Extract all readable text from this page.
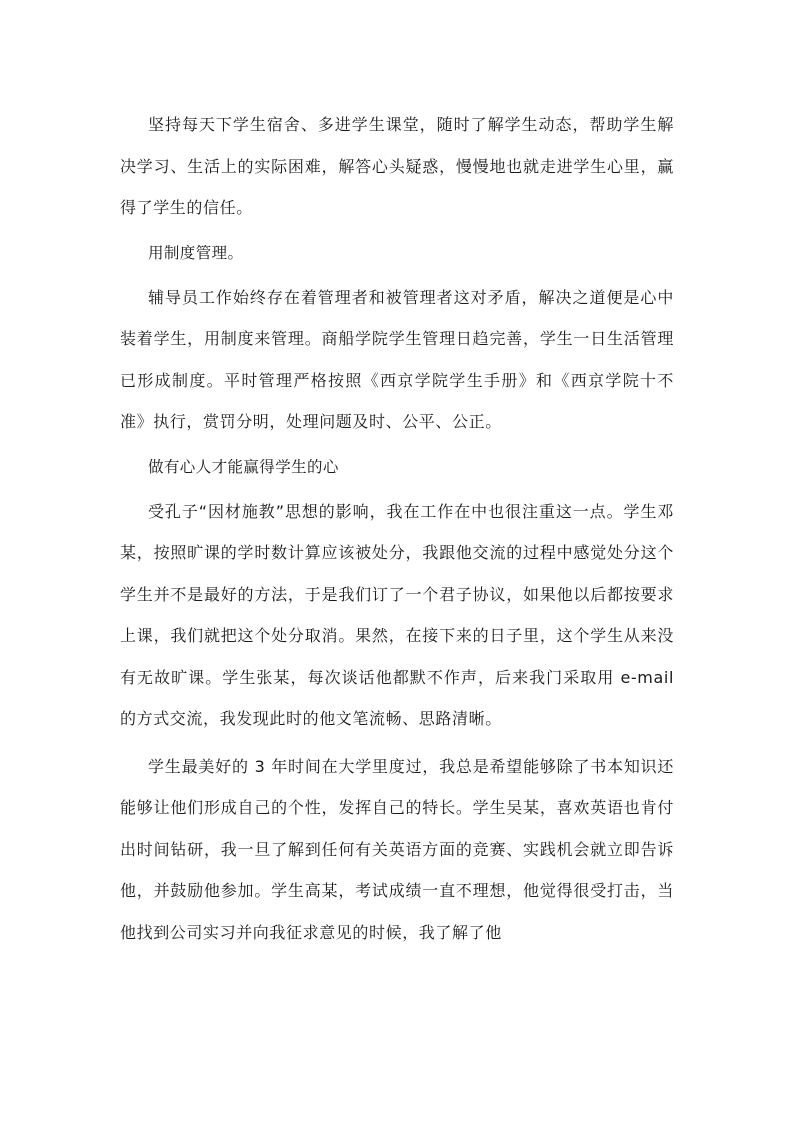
坚持每天下学生宿舍、多进学生课堂，随时了解学生动态，帮助学生解决学习、生活上的实际困难，解答心头疑惑，慢慢地也就走进学生心里，赢得了学生的信任。

用制度管理。

辅导员工作始终存在着管理者和被管理者这对矛盾，解决之道便是心中装着学生，用制度来管理。商船学院学生管理日趋完善，学生一日生活管理已形成制度。平时管理严格按照《西京学院学生手册》和《西京学院十不准》执行，赏罚分明，处理问题及时、公平、公正。

做有心人才能赢得学生的心

受孔子“因材施教”思想的影响，我在工作在中也很注重这一点。学生邓某，按照旷课的学时数计算应该被处分，我跟他交流的过程中感觉处分这个学生并不是最好的方法，于是我们订了一个君子协议，如果他以后都按要求上课，我们就把这个处分取消。果然，在接下来的日子里，这个学生从来没有无故旷课。学生张某，每次谈话他都默不作声，后来我门采取用 e-mail 的方式交流，我发现此时的他文笔流畅、思路清晰。

学生最美好的 3 年时间在大学里度过，我总是希望能够除了书本知识还能够让他们形成自己的个性，发挥自己的特长。学生吴某，喜欢英语也肯付出时间钻研，我一旦了解到任何有关英语方面的竞赛、实践机会就立即告诉他，并鼓励他参加。学生高某，考试成绩一直不理想，他觉得很受打击，当他找到公司实习并向我征求意见的时候，我了解了他
